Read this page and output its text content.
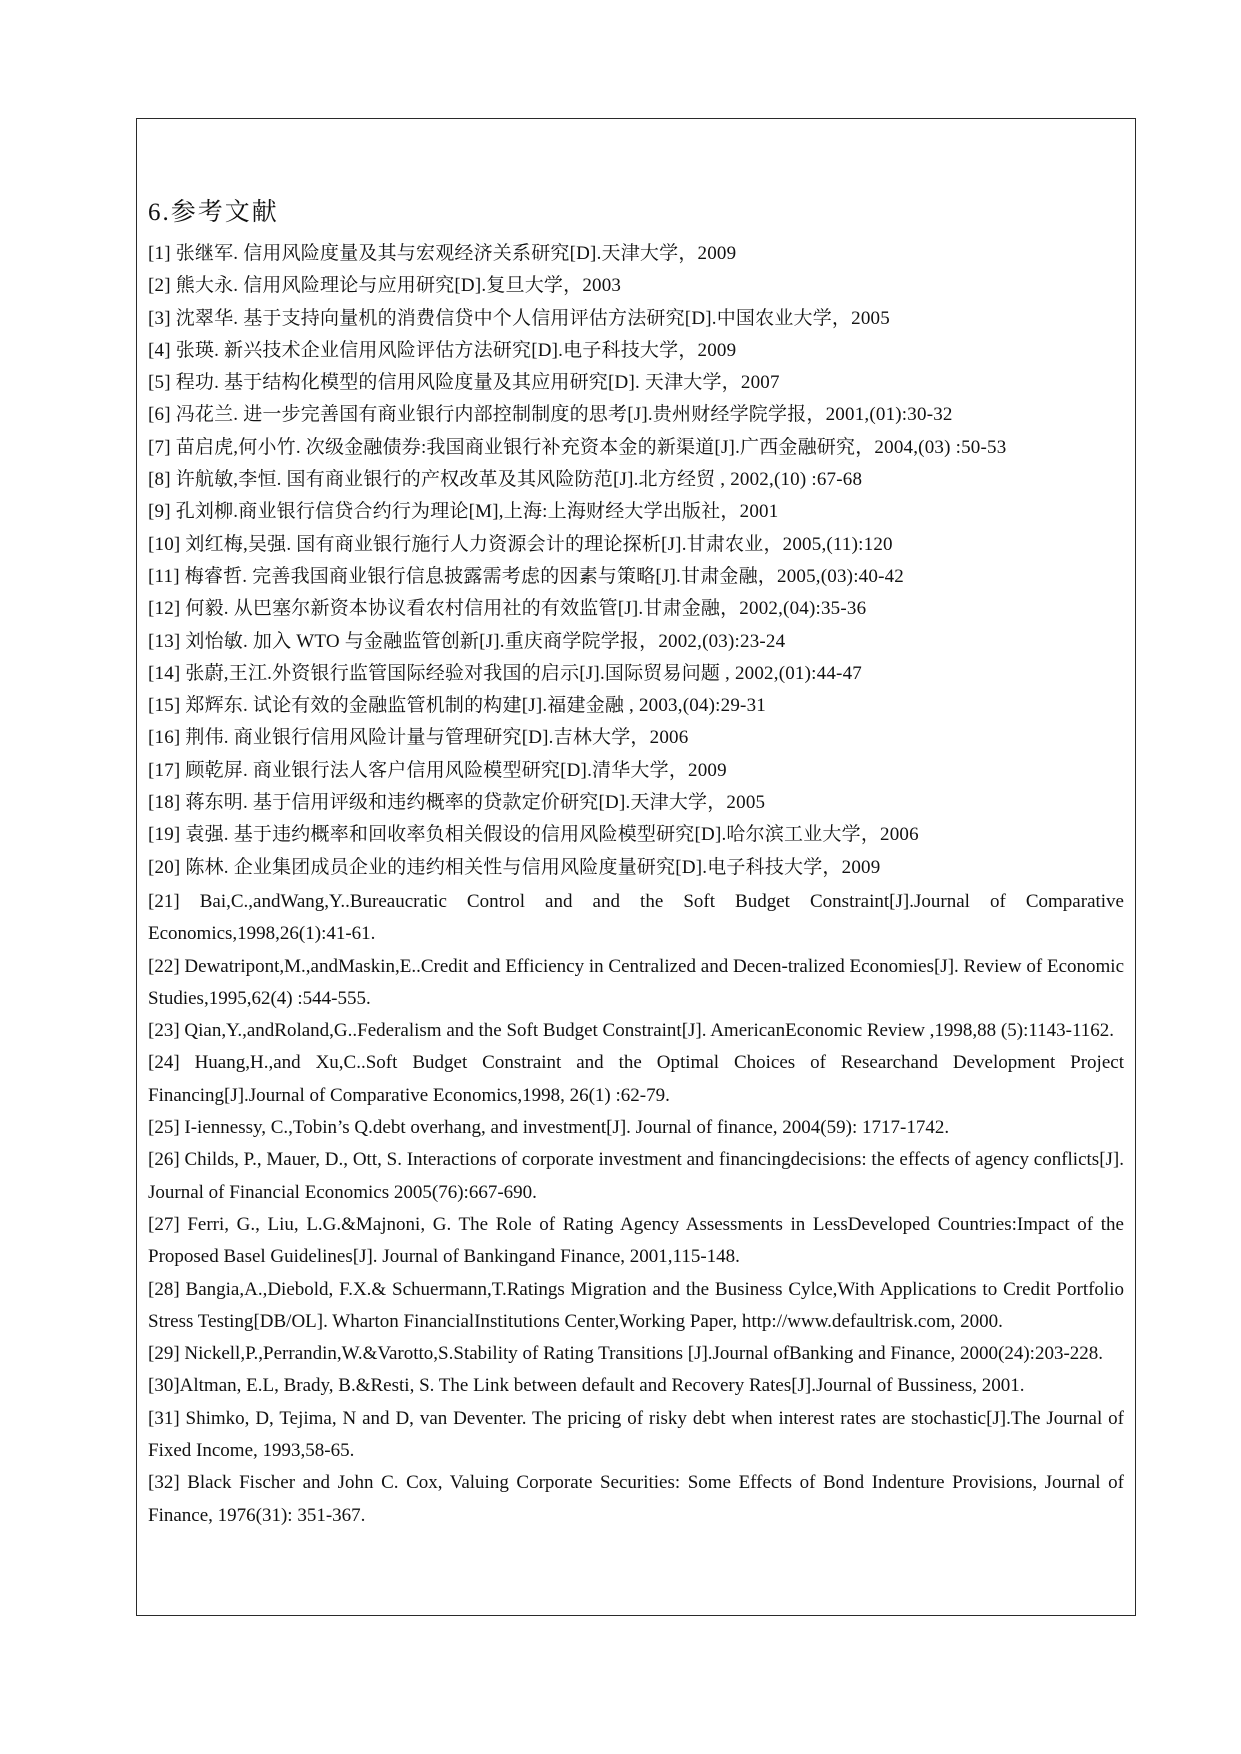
6.参考文献
[1] 张继军. 信用风险度量及其与宏观经济关系研究[D].天津大学，2009
[2] 熊大永. 信用风险理论与应用研究[D].复旦大学，2003
[3] 沈翠华. 基于支持向量机的消费信贷中个人信用评估方法研究[D].中国农业大学，2005
[4] 张瑛. 新兴技术企业信用风险评估方法研究[D].电子科技大学，2009
[5] 程功. 基于结构化模型的信用风险度量及其应用研究[D]. 天津大学，2007
[6] 冯花兰. 进一步完善国有商业银行内部控制制度的思考[J].贵州财经学院学报，2001,(01):30-32
[7] 苗启虎,何小竹. 次级金融债券:我国商业银行补充资本金的新渠道[J].广西金融研究，2004,(03) :50-53
[8] 许航敏,李恒. 国有商业银行的产权改革及其风险防范[J].北方经贸 , 2002,(10) :67-68
[9] 孔刘柳.商业银行信贷合约行为理论[M],上海:上海财经大学出版社，2001
[10] 刘红梅,吴强. 国有商业银行施行人力资源会计的理论探析[J].甘肃农业，2005,(11):120
[11] 梅睿哲. 完善我国商业银行信息披露需考虑的因素与策略[J].甘肃金融，2005,(03):40-42
[12] 何毅. 从巴塞尔新资本协议看农村信用社的有效监管[J].甘肃金融，2002,(04):35-36
[13] 刘怡敏. 加入 WTO 与金融监管创新[J].重庆商学院学报，2002,(03):23-24
[14] 张蔚,王江.外资银行监管国际经验对我国的启示[J].国际贸易问题 , 2002,(01):44-47
[15] 郑辉东. 试论有效的金融监管机制的构建[J].福建金融 , 2003,(04):29-31
[16] 荆伟. 商业银行信用风险计量与管理研究[D].吉林大学，2006
[17] 顾乾屏. 商业银行法人客户信用风险模型研究[D].清华大学，2009
[18] 蒋东明. 基于信用评级和违约概率的贷款定价研究[D].天津大学，2005
[19] 袁强. 基于违约概率和回收率负相关假设的信用风险模型研究[D].哈尔滨工业大学，2006
[20] 陈林. 企业集团成员企业的违约相关性与信用风险度量研究[D].电子科技大学，2009
[21] Bai,C.,andWang,Y..Bureaucratic Control and and the Soft Budget Constraint[J].Journal of Comparative Economics,1998,26(1):41-61.
[22] Dewatripont,M.,andMaskin,E..Credit and Efficiency in Centralized and Decen-tralized Economies[J]. Review of Economic Studies,1995,62(4) :544-555.
[23] Qian,Y.,andRoland,G..Federalism and the Soft Budget Constraint[J]. AmericanEconomic Review ,1998,88 (5):1143-1162.
[24] Huang,H.,and Xu,C..Soft Budget Constraint and the Optimal Choices of Researchand Development Project Financing[J].Journal of Comparative Economics,1998, 26(1) :62-79.
[25] I-iennessy, C.,Tobin’s Q.debt overhang, and investment[J]. Journal of finance, 2004(59): 1717-1742.
[26] Childs, P., Mauer, D., Ott, S. Interactions of corporate investment and financingdecisions: the effects of agency conflicts[J]. Journal of Financial Economics 2005(76):667-690.
[27] Ferri, G., Liu, L.G.&Majnoni, G. The Role of Rating Agency Assessments in LessDeveloped Countries:Impact of the Proposed Basel Guidelines[J]. Journal of Bankingand Finance, 2001,115-148.
[28] Bangia,A.,Diebold, F.X.& Schuermann,T.Ratings Migration and the Business Cylce,With Applications to Credit Portfolio Stress Testing[DB/OL]. Wharton FinancialInstitutions Center,Working Paper, http://www.defaultrisk.com, 2000.
[29] Nickell,P.,Perrandin,W.&Varotto,S.Stability of Rating Transitions [J].Journal ofBanking and Finance, 2000(24):203-228.
[30]Altman, E.L, Brady, B.&Resti, S. The Link between default and Recovery Rates[J].Journal of Bussiness, 2001.
[31] Shimko, D, Tejima, N and D, van Deventer. The pricing of risky debt when interest rates are stochastic[J].The Journal of Fixed Income, 1993,58-65.
[32] Black Fischer and John C. Cox, Valuing Corporate Securities: Some Effects of Bond Indenture Provisions, Journal of Finance, 1976(31): 351-367.
